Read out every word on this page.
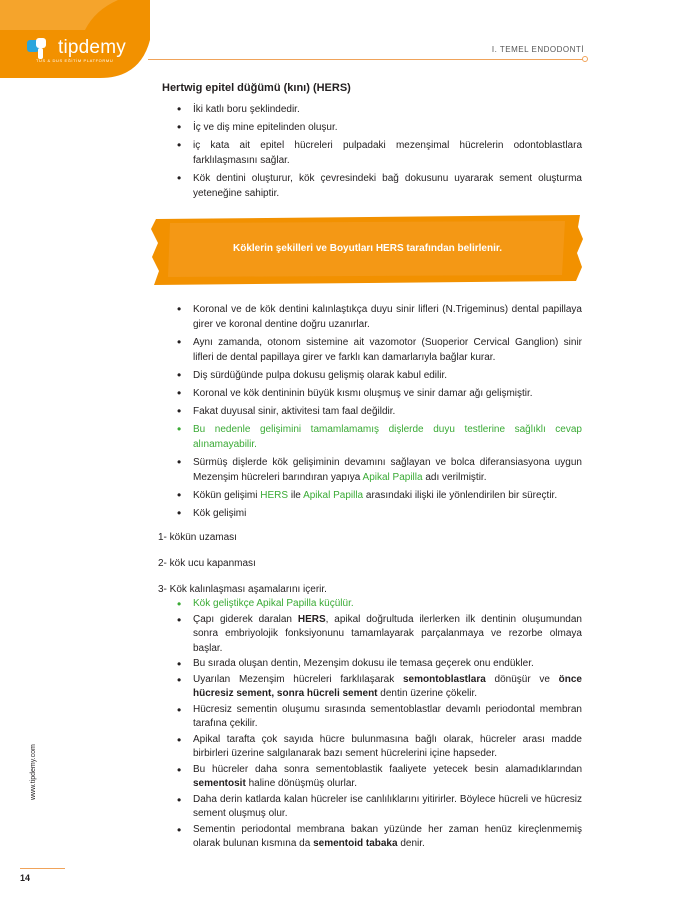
tipdemy
TUS & DUS EĞİTİM PLATFORMU
I. TEMEL ENDODONTİ
Köklerin şekilleri ve Boyutları HERS tarafından belirlenir.
Hertwig epitel düğümü (kını) (HERS)
• İki katlı boru şeklindedir.
• İç ve diş mine epitelinden oluşur.
• iç kata ait epitel hücreleri pulpadaki mezenşimal hücrelerin odontoblastlara farklılaşmasını sağlar.
• Kök dentini oluşturur, kök çevresindeki bağ dokusunu uyararak sement oluşturma yeteneğine sahiptir.
• Koronal ve de kök dentini kalınlaştıkça duyu sinir lifleri (N.Trigeminus) dental papillaya girer ve koronal dentine doğru uzanırlar.
• Aynı zamanda, otonom sistemine ait vazomotor (Suoperior Cervical Ganglion) sinir lifleri de dental papillaya girer ve farklı kan damarlarıyla bağlar kurar.
• Diş sürdüğünde pulpa dokusu gelişmiş olarak kabul edilir.
• Koronal ve kök dentininin büyük kısmı oluşmuş ve sinir damar ağı gelişmiştir.
• Fakat duyusal sinir, aktivitesi tam faal değildir.
• Bu nedenle gelişimini tamamlamamış dişlerde duyu testlerine sağlıklı cevap alınamayabilir.
• Sürmüş dişlerde kök gelişiminin devamını sağlayan ve bolca diferansiasyona uygun Mezenşim hücreleri barındıran yapıya Apikal Papilla adı verilmiştir.
• Kökün gelişimi HERS ile Apikal Papilla arasındaki ilişki ile yönlendirilen bir süreçtir.
• Kök gelişimi
1- kökün uzaması
2- kök ucu kapanması
3- Kök kalınlaşması aşamalarını içerir.
• Kök geliştikçe Apikal Papilla küçülür.
• Çapı giderek daralan HERS, apikal doğrultuda ilerlerken ilk dentinin oluşumundan sonra embriyolojik fonksiyonunu tamamlayarak parçalanmaya ve rezorbe olmaya başlar.
• Bu sırada oluşan dentin, Mezenşim dokusu ile temasa geçerek onu endükler.
• Uyarılan Mezenşim hücreleri farklılaşarak semontoblastlara dönüşür ve önce hücresiz sement, sonra hücreli sement dentin üzerine çökelir.
• Hücresiz sementin oluşumu sırasında sementoblastlar devamlı periodontal membran tarafına çekilir.
• Apikal tarafta çok sayıda hücre bulunmasına bağlı olarak, hücreler arası madde birbirleri üzerine salgılanarak bazı sement hücrelerini içine hapseder.
• Bu hücreler daha sonra sementoblastik faaliyete yetecek besin alamadıklarından sementosit haline dönüşmüş olurlar.
• Daha derin katlarda kalan hücreler ise canlılıklarını yitirirler. Böylece hücreli ve hücresiz sement oluşmuş olur.
• Sementin periodontal membrana bakan yüzünde her zaman henüz kireçlenmemiş olarak bulunan kısmına da sementoid tabaka denir.
www.tipdemy.com
14
